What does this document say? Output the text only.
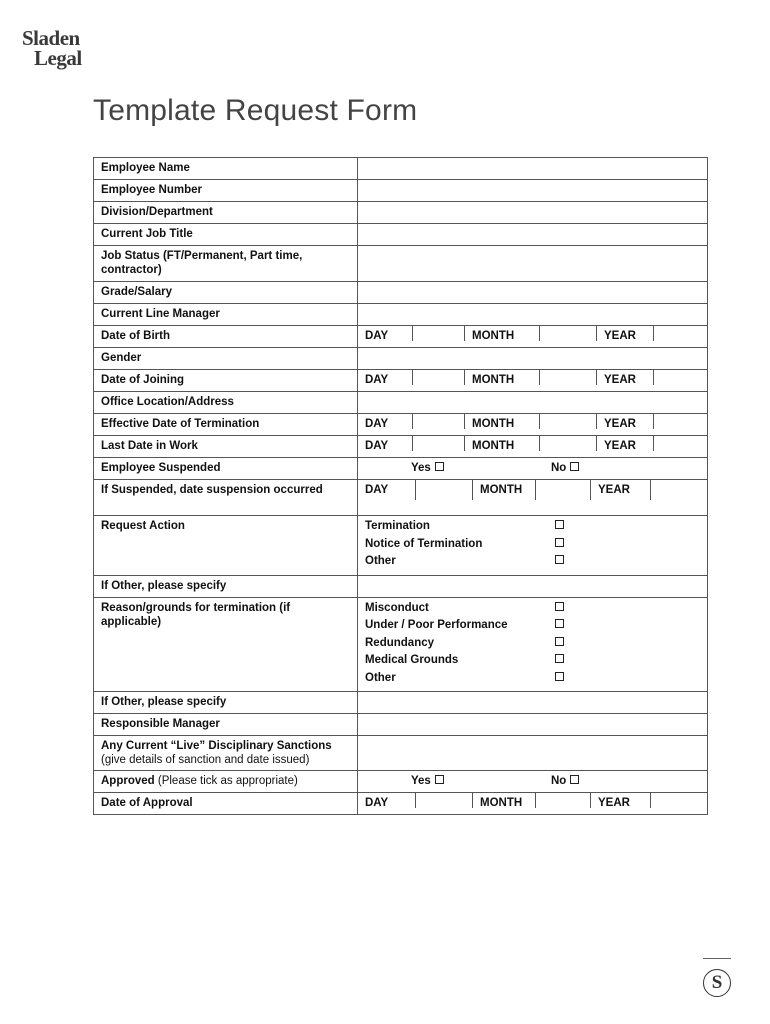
Sladen
Legal
Template Request Form
Employee Name	
Employee Number	
Division/Department	
Current Job Title	
Job Status (FT/Permanent, Part time, contractor)	
Grade/Salary	
Current Line Manager	
Date of Birth	DAY MONTH YEAR

Gender	
Date of Joining	DAY MONTH YEAR

Office Location/Address	
Effective Date of Termination	DAY MONTH YEAR

Last Date in Work	DAY MONTH YEAR

Employee Suspended	Yes No

If Suspended, date suspension occurred	DAY MONTH YEAR

Request Action	Termination
Notice of Termination
Other

If Other, please specify	
Reason/grounds for termination (if applicable)	Misconduct
Under / Poor Performance
Redundancy
Medical Grounds
Other

If Other, please specify	
Responsible Manager	

Any Current “Live” Disciplinary Sanctions
(give details of sanction and date issued)	

Approved (Please tick as appropriate)	Yes No

Date of Approval	DAY MONTH YEAR
S
